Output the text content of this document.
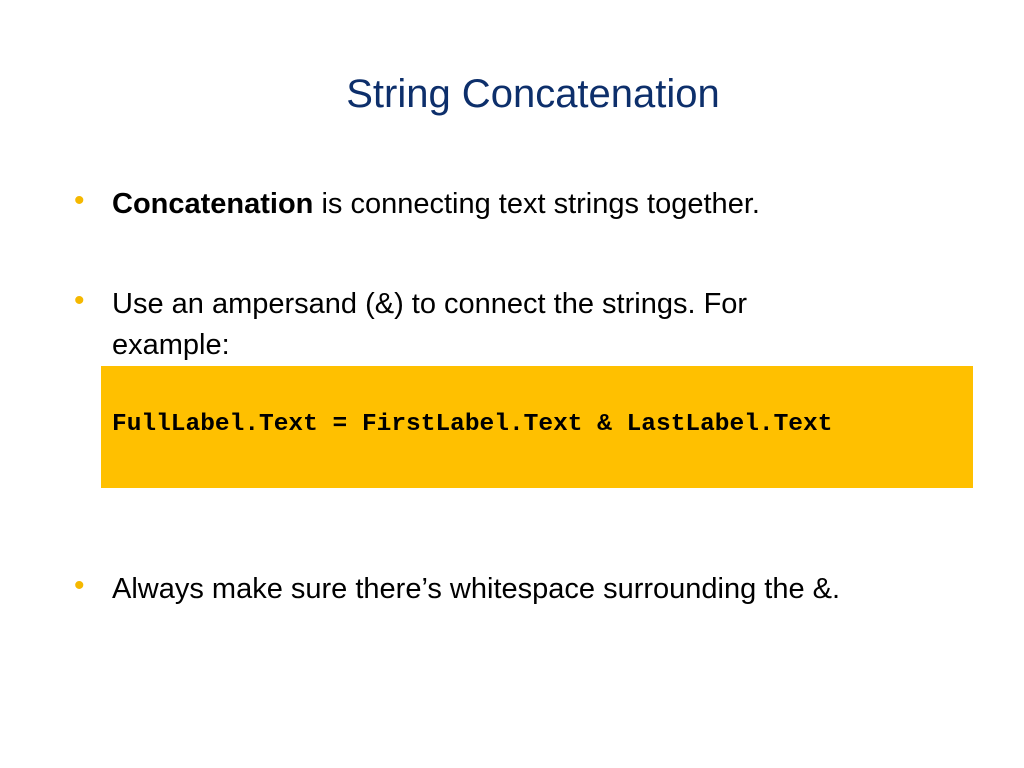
String Concatenation
• Concatenation is connecting text strings together.
• Use an ampersand (&) to connect the strings. For
example:
FullLabel.Text = FirstLabel.Text & LastLabel.Text
• Always make sure there’s whitespace surrounding the &.
